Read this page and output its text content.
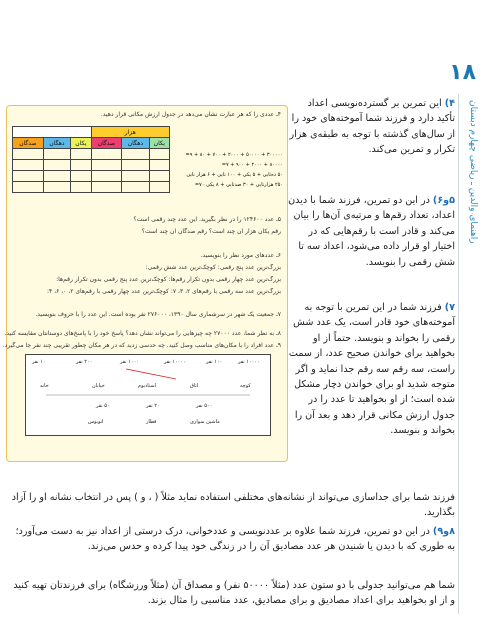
۱۸
راهنمای والدین ـ ریاضی چهارم دبستان
۴ـ عددی را که هر عبارت نشان می‌دهد در جدول ارزش مکانی قرار دهید.
هزار					
یکان	دهگان	صدگان	یکان	دهگان	صدگان

۳۰۰۰۰۰ + ۵۰۰۰۰ + ۲۰۰۰ + ۷۰۰ + ۸۰ + ۹=
۸۰۰۰۰ + ۲۰۰۰ + ۹۰۰ + ۷=
۵۰ ده‌تایی + ۵ یکی + ۱۰۰ تایی + ۶ هزار تایی
۲۵۰ هزارتایی + ۳۰ صدتایی + ۸ یکی ۷۰=
۵ـ عدد ۱۲۴۶۰۰ را در نظر بگیرید. این عدد چند رقمی است؟
رقم یکان هزار آن چند است؟ رقم صدگان آن چند است؟
۶ـ عددهای مورد نظر را بنویسید.
بزرگ‌ترین عدد پنج رقمی: کوچک‌ترین عدد شش رقمی:
بزرگ‌ترین عدد چهار رقمی بدون تکرار رقم‌ها: کوچک‌ترین عدد پنج رقمی بدون تکرار رقم‌ها:
بزرگ‌ترین عدد سه رقمی با رقم‌های ۲، ۳، ۷: کوچک‌ترین عدد چهار رقمی با رقم‌های ۲، ۰، ۶، ۴:
۷ـ جمعیت یک شهر در سرشماری سال ۱۳۹۰، ۲۷۶۰۰۰ نفر بوده است. این عدد را با حروف بنویسید.
۸ـ به نظر شما، عدد ۲۷۰۰۰ چه چیزهایی را می‌تواند نشان دهد؟ پاسخ خود را با پاسخ‌های دوستانتان مقایسه کنید.
۹ـ عدد افراد را با مکان‌های مناسب وصل کنید. چه حدسی زدید که در هر مکان چطور تقریبی چند نفر جا می‌گیرد.
۱۰ نفر	۲۰۰ نفر	۱۰۰۰ نفر	۱۰۰۰۰ نفر	۱۰۰ نفر	۱۰۰۰۰ نفر
خانه	خیابان	استادیوم	اتاق	کوچه
۵۰ نفر	۲۰ نفر	۵۰۰ نفر
اتوبوس	قطار	ماشین سواری
۴) این تمرین بر گسترده‌نویسی اعداد تأکید دارد و فرزند شما آموخته‌های خود را از سال‌های گذشته با توجه به طبقه‌ی هزار تکرار و تمرین می‌کند.
۵و۶) در این دو تمرین، فرزند شما با دیدن اعداد، تعداد رقم‌ها و مرتبه‌ی آن‌ها را بیان می‌کند و قادر است با رقم‌هایی که در اختیار او قرار داده می‌شود، اعداد سه تا شش رقمی را بنویسد.
۷) فرزند شما در این تمرین با توجه به آموخته‌های خود قادر است، یک عدد شش رقمی را بخواند و بنویسد. حتماً از او بخواهید برای خواندن صحیح عدد، از سمت راست، سه رقم سه رقم جدا نماید و اگر متوجه شدید او برای خواندن دچار مشکل شده است؛ از او بخواهید تا عدد را در جدول ارزش مکانی قرار دهد و بعد آن را بخواند و بنویسد.
فرزند شما برای جداسازی می‌تواند از نشانه‌های مختلفی استفاده نماید مثلاً ( ، و ) پس در انتخاب نشانه او را آزاد بگذارید.
۸و۹) در این دو تمرین، فرزند شما علاوه بر عددنویسی و عددخوانی، درک درستی از اعداد نیز به دست می‌آورد؛ به طوری که با دیدن یا شنیدن هر عدد مصادیق آن را در زندگی خود پیدا کرده و حدس می‌زند.
شما هم می‌توانید جدولی با دو ستون عدد (مثلاً ۵۰۰۰۰ نفر) و مصداق آن (مثلاً ورزشگاه) برای فرزندتان تهیه کنید و از او بخواهید برای اعداد مصادیق و برای مصادیق، عدد مناسبی را مثال بزند.
